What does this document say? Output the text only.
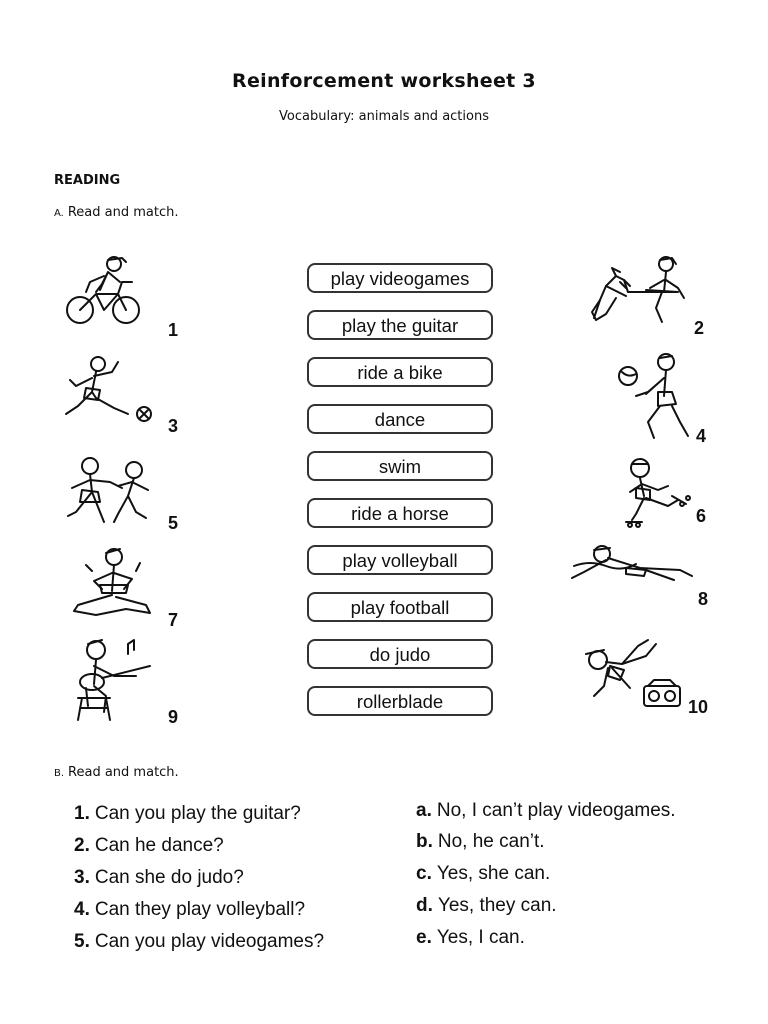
Reinforcement worksheet 3
Vocabulary: animals and actions
READING
A. Read and match.
play videogames
play the guitar
ride a bike
dance
swim
ride a horse
play volleyball
play football
do judo
rollerblade
1	2
3	4
5	6
7
8
9	10
B. Read and match.
1. Can you play the guitar?
2. Can he dance?
3. Can she do judo?
4. Can they play volleyball?
5. Can you play videogames?
a. No, I can’t play videogames.
b. No, he can’t.
c. Yes, she can.
d. Yes, they can.
e. Yes, I can.
